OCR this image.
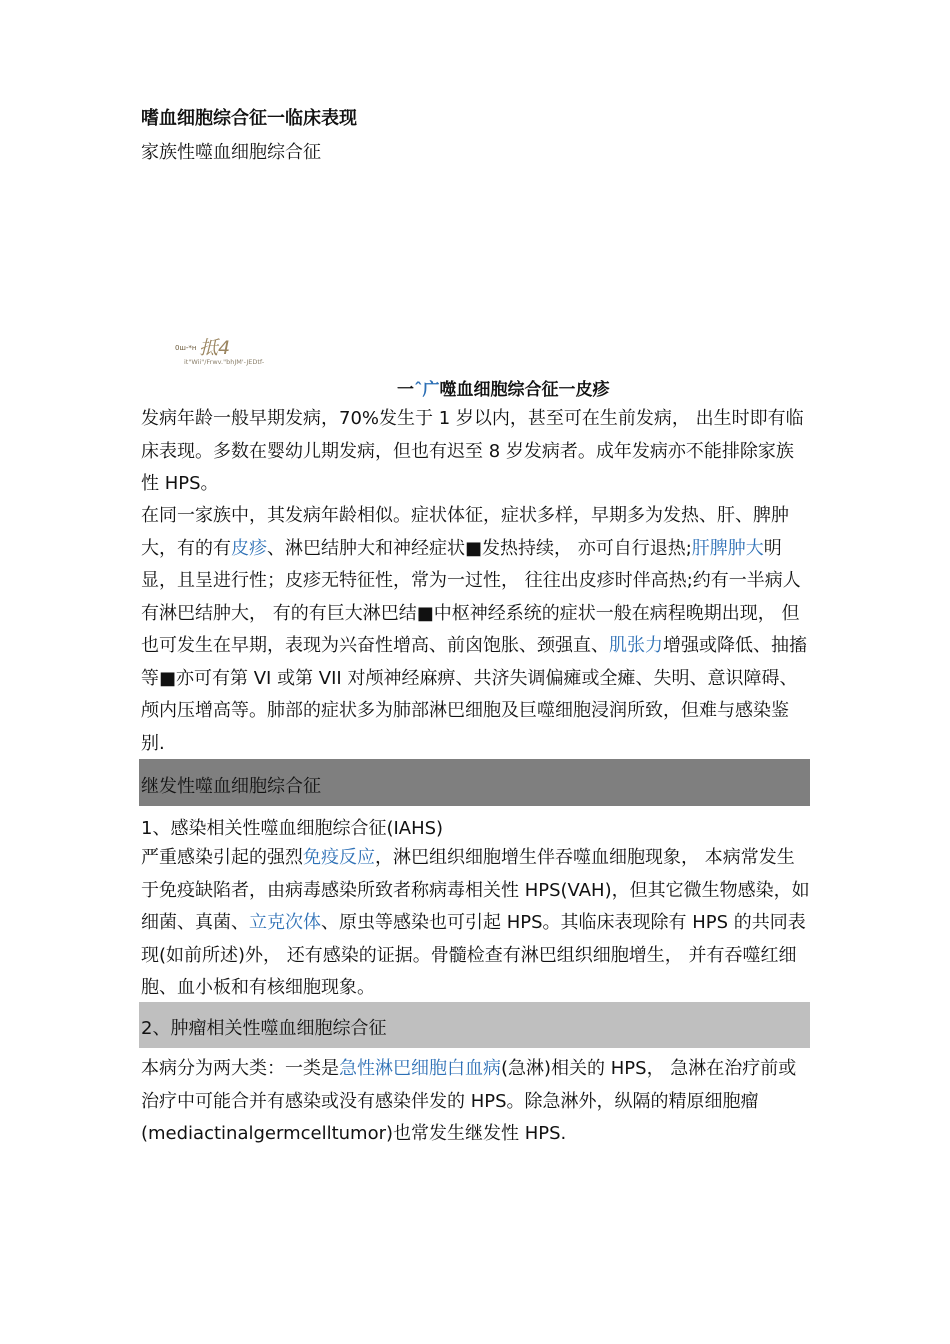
嗜血细胞综合征一临床表现
家族性噬血细胞综合征
0ш-*н 抵4
it"Wii"/Frwv."bhJM'-JEDtf-
一ˆ广噬血细胞综合征一皮疹
发病年龄一般早期发病，70%发生于 1 岁以内，甚至可在生前发病， 出生时即有临床表现。多数在婴幼儿期发病，但也有迟至 8 岁发病者。成年发病亦不能排除家族性 HPS。
在同一家族中，其发病年龄相似。症状体征，症状多样，早期多为发热、肝、脾肿大，有的有皮疹、淋巴结肿大和神经症状■发热持续， 亦可自行退热;肝脾肿大明显，且呈进行性；皮疹无特征性，常为一过性， 往往出皮疹时伴高热;约有一半病人有淋巴结肿大， 有的有巨大淋巴结■中枢神经系统的症状一般在病程晚期出现， 但也可发生在早期，表现为兴奋性增高、前囟饱胀、颈强直、肌张力增强或降低、抽搐等■亦可有第 VI 或第 VII 对颅神经麻痹、共济失调偏瘫或全瘫、失明、意识障碍、颅内压增高等。肺部的症状多为肺部淋巴细胞及巨噬细胞浸润所致，但难与感染鉴别.
继发性噬血细胞综合征
1、感染相关性噬血细胞综合征(IAHS)
严重感染引起的强烈免疫反应，淋巴组织细胞增生伴吞噬血细胞现象， 本病常发生于免疫缺陷者，由病毒感染所致者称病毒相关性 HPS(VAH)，但其它微生物感染，如细菌、真菌、立克次体、原虫等感染也可引起 HPS。其临床表现除有 HPS 的共同表现(如前所述)外， 还有感染的证据。骨髓检查有淋巴组织细胞增生， 并有吞噬红细胞、血小板和有核细胞现象。
2、肿瘤相关性噬血细胞综合征
本病分为两大类：一类是急性淋巴细胞白血病(急淋)相关的 HPS， 急淋在治疗前或治疗中可能合并有感染或没有感染伴发的 HPS。除急淋外，纵隔的精原细胞瘤(mediactinalgermcelltumor)也常发生继发性 HPS.
